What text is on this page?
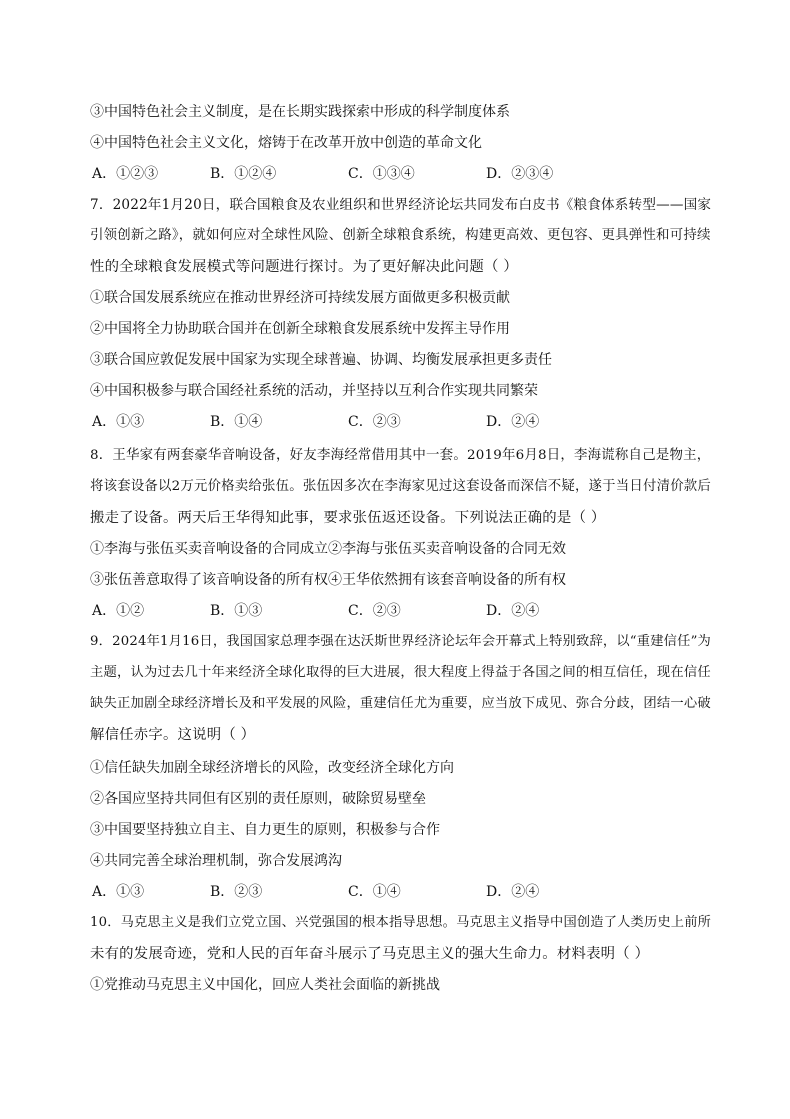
③中国特色社会主义制度，是在长期实践探索中形成的科学制度体系
④中国特色社会主义文化，熔铸于在改革开放中创造的革命文化
A．①②③	B．①②④	C．①③④	D．②③④
7．2022年1月20日，联合国粮食及农业组织和世界经济论坛共同发布白皮书《粮食体系转型——国家
引领创新之路》，就如何应对全球性风险、创新全球粮食系统，构建更高效、更包容、更具弹性和可持续
性的全球粮食发展模式等问题进行探讨。为了更好解决此问题（ ）
①联合国发展系统应在推动世界经济可持续发展方面做更多积极贡献
②中国将全力协助联合国并在创新全球粮食发展系统中发挥主导作用
③联合国应敦促发展中国家为实现全球普遍、协调、均衡发展承担更多责任
④中国积极参与联合国经社系统的活动，并坚持以互利合作实现共同繁荣
A．①③	B．①④	C．②③	D．②④
8．王华家有两套豪华音响设备，好友李海经常借用其中一套。2019年6月8日，李海谎称自己是物主，
将该套设备以2万元价格卖给张伍。张伍因多次在李海家见过这套设备而深信不疑，遂于当日付清价款后
搬走了设备。两天后王华得知此事，要求张伍返还设备。下列说法正确的是（ ）
①李海与张伍买卖音响设备的合同成立②李海与张伍买卖音响设备的合同无效
③张伍善意取得了该音响设备的所有权④王华依然拥有该套音响设备的所有权
A．①②	B．①③	C．②③	D．②④
9．2024年1月16日，我国国家总理李强在达沃斯世界经济论坛年会开幕式上特别致辞，以“重建信任”为
主题，认为过去几十年来经济全球化取得的巨大进展，很大程度上得益于各国之间的相互信任，现在信任
缺失正加剧全球经济增长及和平发展的风险，重建信任尤为重要，应当放下成见、弥合分歧，团结一心破
解信任赤字。这说明（ ）
①信任缺失加剧全球经济增长的风险，改变经济全球化方向
②各国应坚持共同但有区别的责任原则，破除贸易壁垒
③中国要坚持独立自主、自力更生的原则，积极参与合作
④共同完善全球治理机制，弥合发展鸿沟
A．①③	B．②③	C．①④	D．②④
10．马克思主义是我们立党立国、兴党强国的根本指导思想。马克思主义指导中国创造了人类历史上前所
未有的发展奇迹，党和人民的百年奋斗展示了马克思主义的强大生命力。材料表明（ ）
①党推动马克思主义中国化，回应人类社会面临的新挑战
